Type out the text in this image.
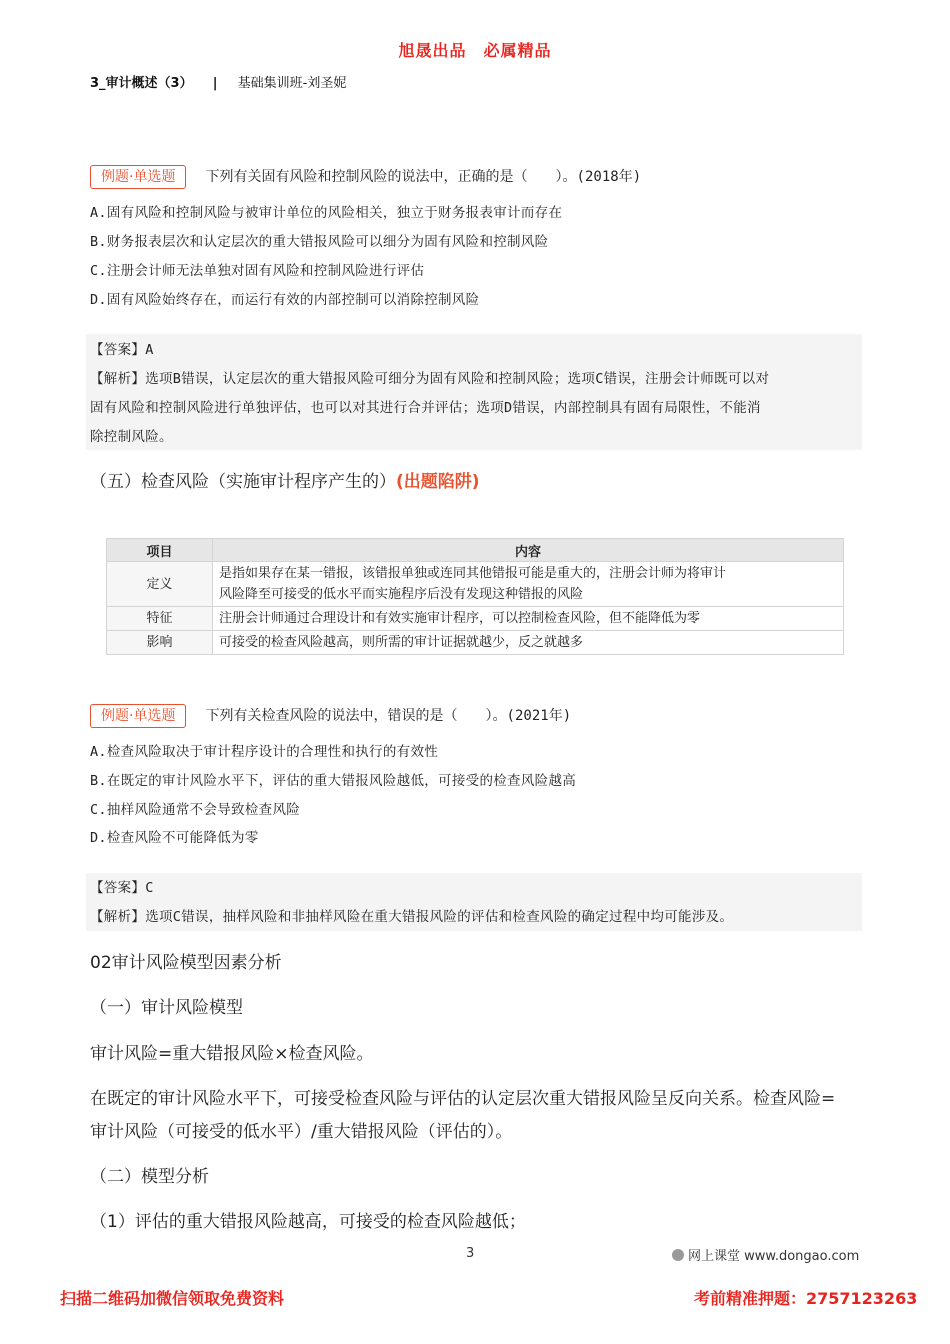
旭晟出品　必属精品
3_审计概述（3） | 基础集训班-刘圣妮
例题·单选题 下列有关固有风险和控制风险的说法中，正确的是（　　）。(2018年)
A.固有风险和控制风险与被审计单位的风险相关，独立于财务报表审计而存在
B.财务报表层次和认定层次的重大错报风险可以细分为固有风险和控制风险
C.注册会计师无法单独对固有风险和控制风险进行评估
D.固有风险始终存在，而运行有效的内部控制可以消除控制风险

【答案】A

【解析】选项B错误，认定层次的重大错报风险可细分为固有风险和控制风险；选项C错误，注册会计师既可以对

固有风险和控制风险进行单独评估，也可以对其进行合并评估；选项D错误，内部控制具有固有局限性，不能消

除控制风险。

（五）检查风险（实施审计程序产生的）(出题陷阱)
项目	内容
定义	是指如果存在某一错报，该错报单独或连同其他错报可能是重大的，注册会计师为将审计
风险降至可接受的低水平而实施程序后没有发现这种错报的风险

特征	注册会计师通过合理设计和有效实施审计程序，可以控制检查风险，但不能降低为零

影响	可接受的检查风险越高，则所需的审计证据就越少，反之就越多
例题·单选题 下列有关检查风险的说法中，错误的是（　　）。(2021年)
A.检查风险取决于审计程序设计的合理性和执行的有效性
B.在既定的审计风险水平下，评估的重大错报风险越低，可接受的检查风险越高
C.抽样风险通常不会导致检查风险
D.检查风险不可能降低为零

【答案】C

【解析】选项C错误，抽样风险和非抽样风险在重大错报风险的评估和检查风险的确定过程中均可能涉及。

02审计风险模型因素分析
（一）审计风险模型
审计风险=重大错报风险×检查风险。
在既定的审计风险水平下，可接受检查风险与评估的认定层次重大错报风险呈反向关系。检查风险=
审计风险（可接受的低水平）/重大错报风险（评估的）。
（二）模型分析
（1）评估的重大错报风险越高，可接受的检查风险越低；
3	网上课堂 www.dongao.com
扫描二维码加微信领取免费资料	考前精准押题：2757123263
